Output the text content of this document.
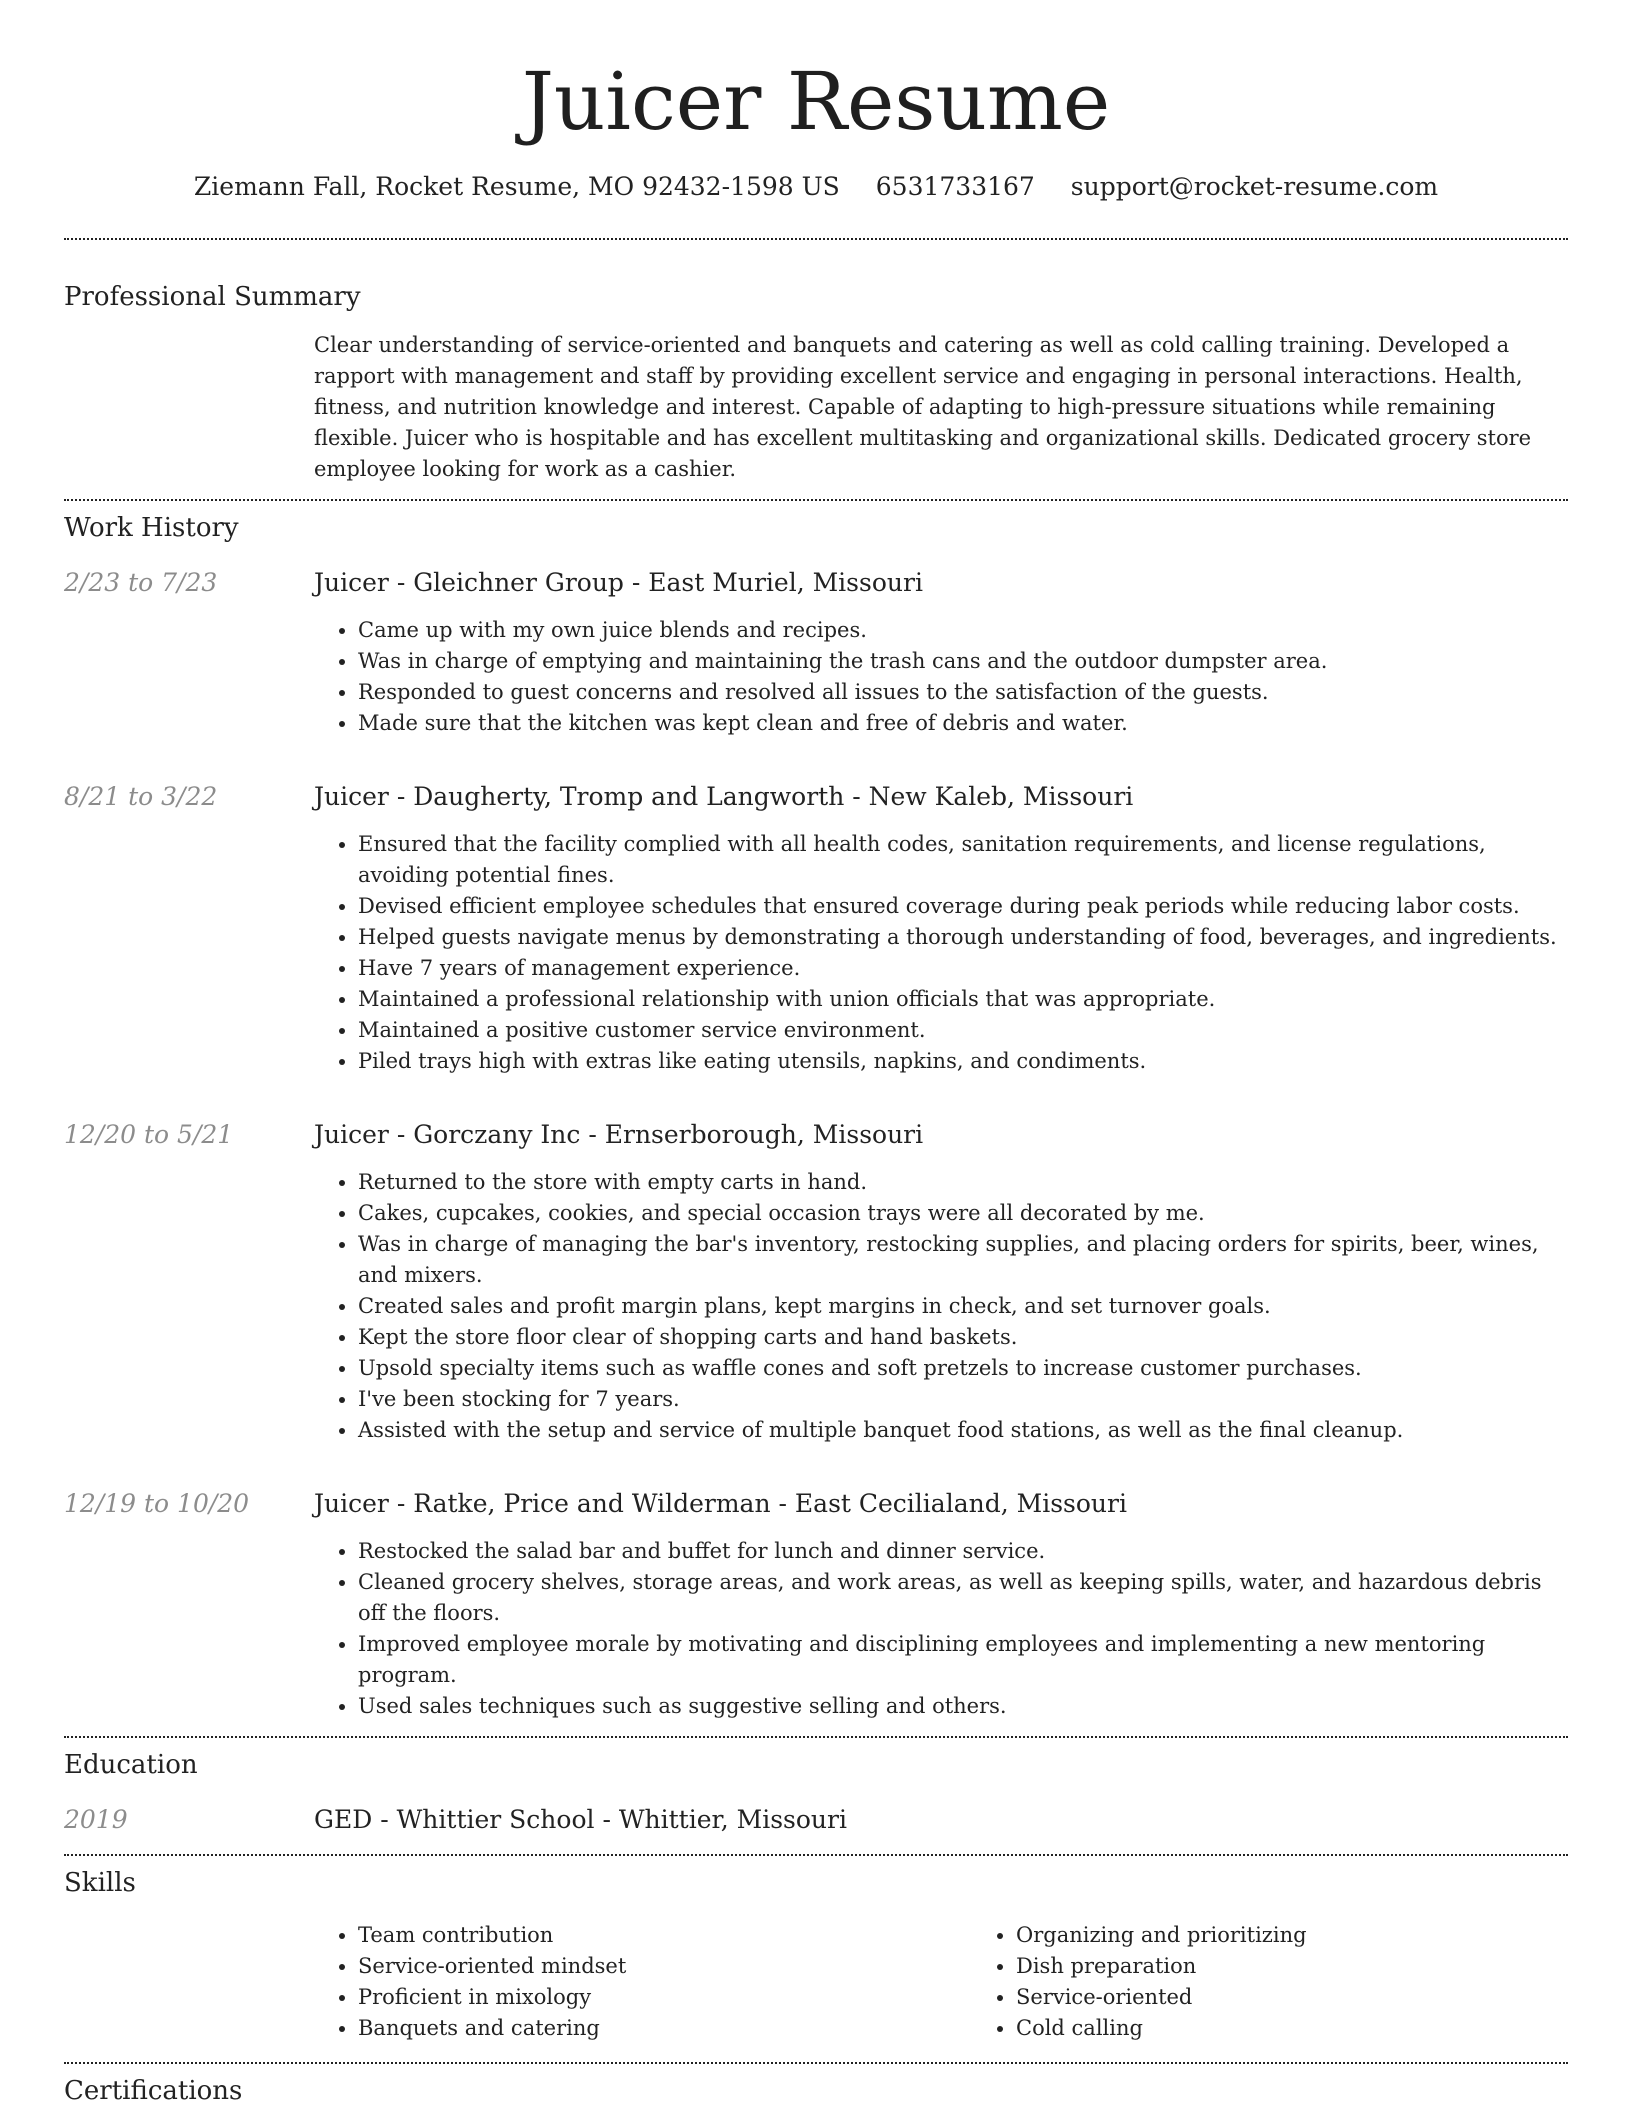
Juicer Resume
Ziemann Fall, Rocket Resume, MO 92432-1598 US 6531733167 support@rocket-resume.com
Professional Summary

Clear understanding of service-oriented and banquets and catering as well as cold calling training. Developed a rapport with management and staff by providing excellent service and engaging in personal interactions. Health, fitness, and nutrition knowledge and interest. Capable of adapting to high-pressure situations while remaining flexible. Juicer who is hospitable and has excellent multitasking and organizational skills. Dedicated grocery store employee looking for work as a cashier.

Work History
2/23 to 7/23	Juicer - Gleichner Group - East Muriel, Missouri
• Came up with my own juice blends and recipes.
• Was in charge of emptying and maintaining the trash cans and the outdoor dumpster area.
• Responded to guest concerns and resolved all issues to the satisfaction of the guests.
• Made sure that the kitchen was kept clean and free of debris and water.
8/21 to 3/22	Juicer - Daugherty, Tromp and Langworth - New Kaleb, Missouri
• Ensured that the facility complied with all health codes, sanitation requirements, and license regulations, avoiding potential fines.
• Devised efficient employee schedules that ensured coverage during peak periods while reducing labor costs.
• Helped guests navigate menus by demonstrating a thorough understanding of food, beverages, and ingredients.
• Have 7 years of management experience.
• Maintained a professional relationship with union officials that was appropriate.
• Maintained a positive customer service environment.
• Piled trays high with extras like eating utensils, napkins, and condiments.
12/20 to 5/21	Juicer - Gorczany Inc - Ernserborough, Missouri
• Returned to the store with empty carts in hand.
• Cakes, cupcakes, cookies, and special occasion trays were all decorated by me.
• Was in charge of managing the bar's inventory, restocking supplies, and placing orders for spirits, beer, wines, and mixers.
• Created sales and profit margin plans, kept margins in check, and set turnover goals.
• Kept the store floor clear of shopping carts and hand baskets.
• Upsold specialty items such as waffle cones and soft pretzels to increase customer purchases.
• I've been stocking for 7 years.
• Assisted with the setup and service of multiple banquet food stations, as well as the final cleanup.
12/19 to 10/20	Juicer - Ratke, Price and Wilderman - East Cecilialand, Missouri
• Restocked the salad bar and buffet for lunch and dinner service.
• Cleaned grocery shelves, storage areas, and work areas, as well as keeping spills, water, and hazardous debris off the floors.
• Improved employee morale by motivating and disciplining employees and implementing a new mentoring program.
• Used sales techniques such as suggestive selling and others.
Education
2019	GED - Whittier School - Whittier, Missouri
Skills
• Team contribution
• Service-oriented mindset
• Proficient in mixology
• Banquets and catering
• Organizing and prioritizing
• Dish preparation
• Service-oriented
• Cold calling
Certifications
